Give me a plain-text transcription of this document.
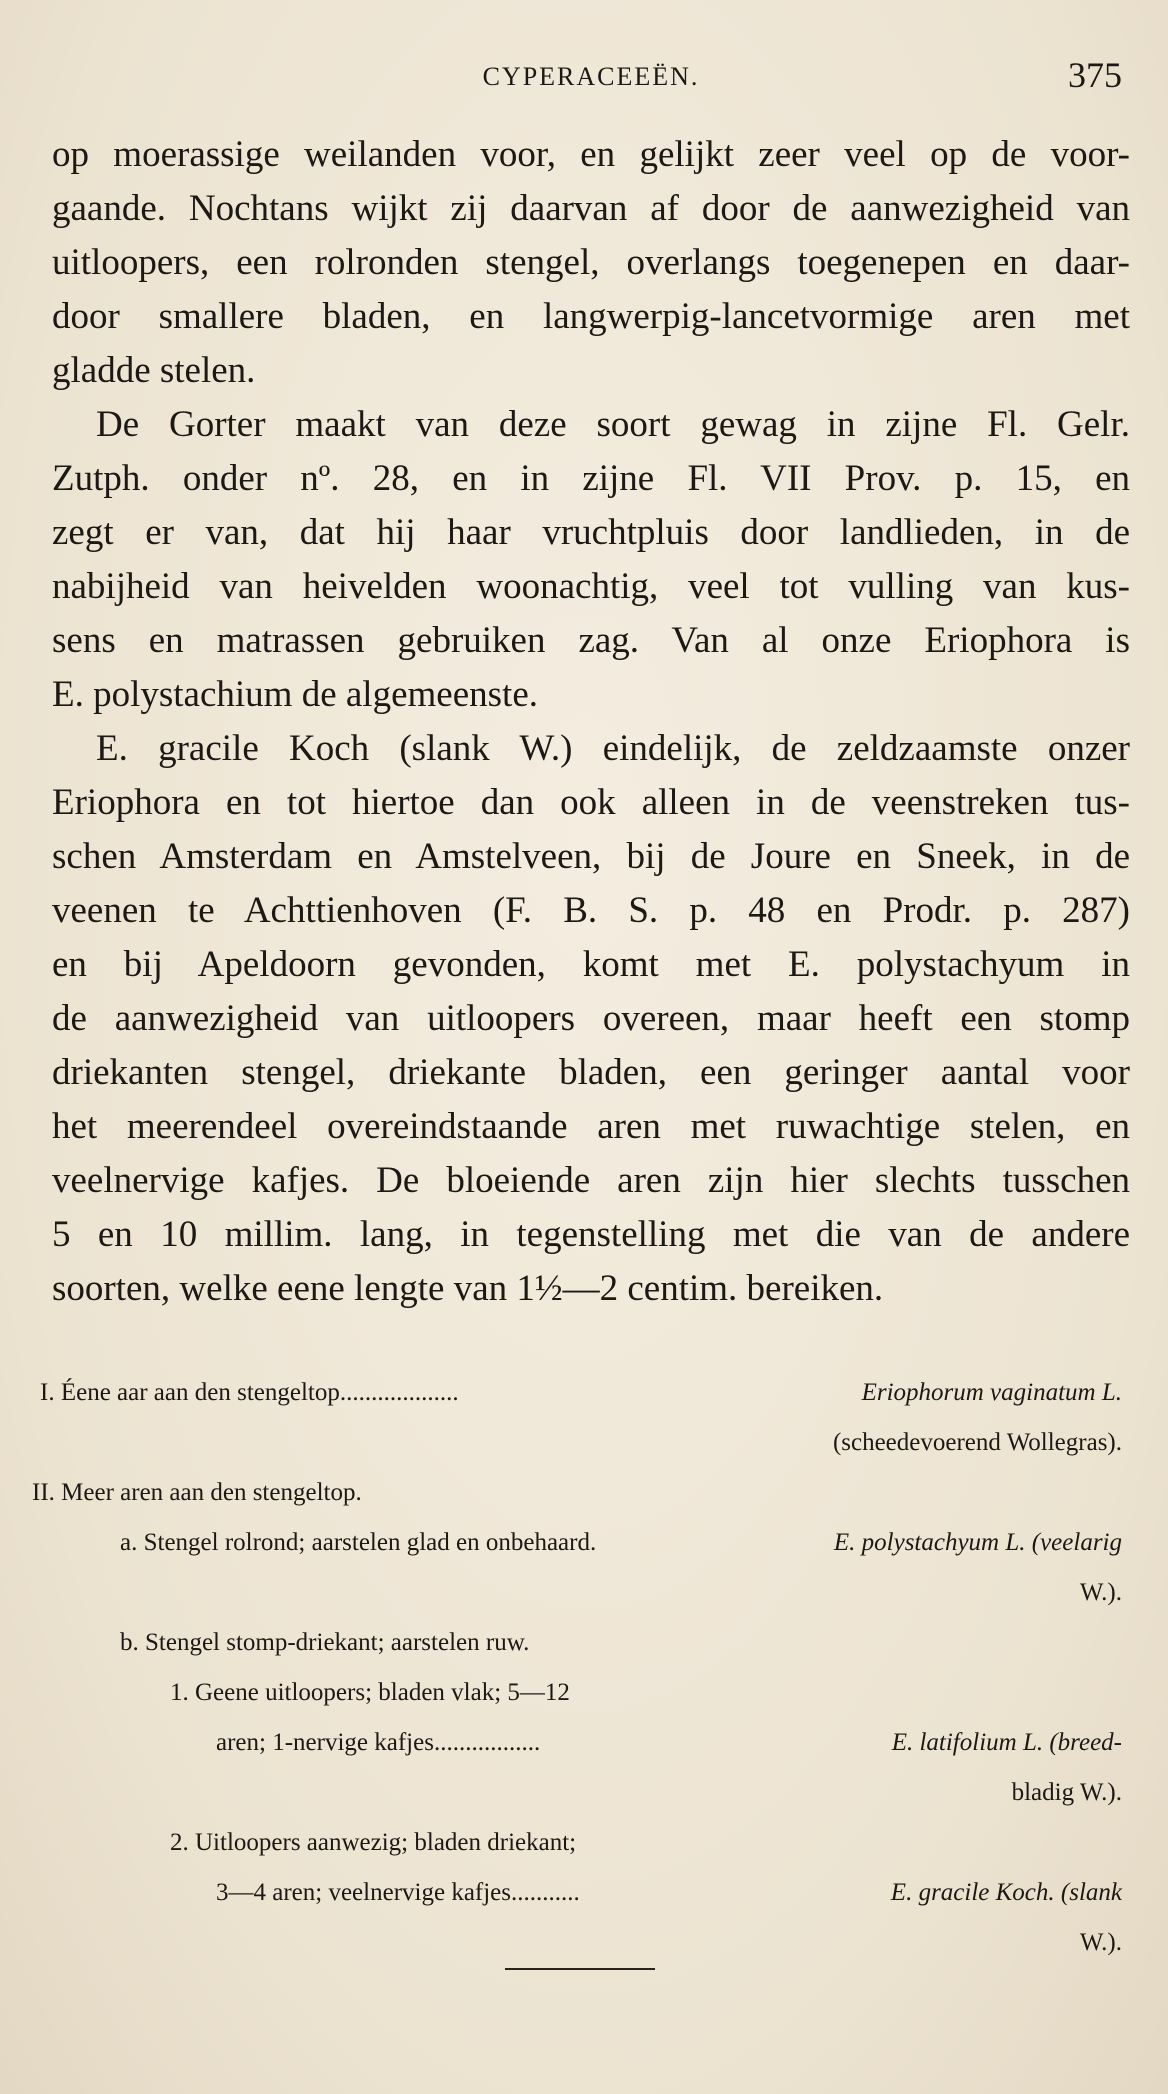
CYPERACEEËN.	375
op moerassige weilanden voor, en gelijkt zeer veel op de voor-
gaande. Nochtans wijkt zij daarvan af door de aanwezigheid van
uitloopers, een rolronden stengel, overlangs toegenepen en daar-
door smallere bladen, en langwerpig-lancetvormige aren met
gladde stelen.
De Gorter maakt van deze soort gewag in zijne Fl. Gelr.
Zutph. onder nº. 28, en in zijne Fl. VII Prov. p. 15, en
zegt er van, dat hij haar vruchtpluis door landlieden, in de
nabijheid van heivelden woonachtig, veel tot vulling van kus-
sens en matrassen gebruiken zag. Van al onze Eriophora is
E. polystachium de algemeenste.
E. gracile Koch (slank W.) eindelijk, de zeldzaamste onzer
Eriophora en tot hiertoe dan ook alleen in de veenstreken tus-
schen Amsterdam en Amstelveen, bij de Joure en Sneek, in de
veenen te Achttienhoven (F. B. S. p. 48 en Prodr. p. 287)
en bij Apeldoorn gevonden, komt met E. polystachyum in
de aanwezigheid van uitloopers overeen, maar heeft een stomp
driekanten stengel, driekante bladen, een geringer aantal voor
het meerendeel overeindstaande aren met ruwachtige stelen, en
veelnervige kafjes. De bloeiende aren zijn hier slechts tusschen
5 en 10 millim. lang, in tegenstelling met die van de andere
soorten, welke eene lengte van 1½—2 centim. bereiken.
I. Éene aar aan den stengeltop...................	Eriophorum vaginatum L.
(scheedevoerend Wollegras).
II. Meer aren aan den stengeltop.
a. Stengel rolrond; aarstelen glad en onbehaard.	E. polystachyum L. (veelarig
W.).
b. Stengel stomp-driekant; aarstelen ruw.
1. Geene uitloopers; bladen vlak; 5—12
aren; 1-nervige kafjes.................	E. latifolium L. (breed-
bladig W.).
2. Uitloopers aanwezig; bladen driekant;
3—4 aren; veelnervige kafjes...........	E. gracile Koch. (slank
W.).
